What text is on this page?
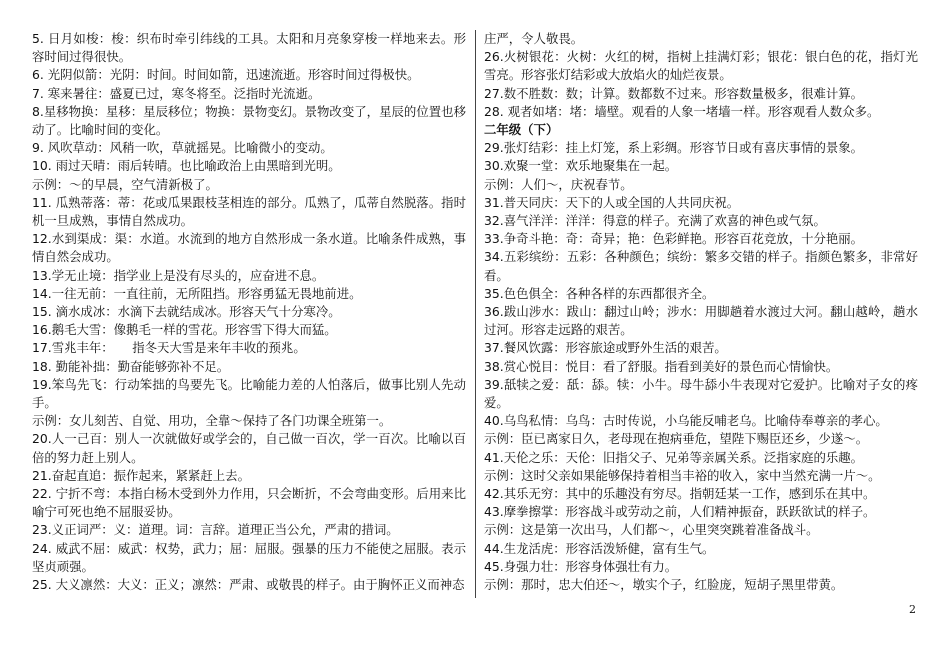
5. 日月如梭：梭：织布时牵引纬线的工具。太阳和月亮象穿梭一样地来去。形容时间过得很快。

6. 光阴似箭：光阴：时间。时间如箭，迅速流逝。形容时间过得极快。

7. 寒来暑往：盛夏已过，寒冬将至。泛指时光流逝。

8.星移物换：星移：星辰移位；物换：景物变幻。景物改变了，星辰的位置也移动了。比喻时间的变化。

9. 风吹草动：风稍一吹，草就摇晃。比喻微小的变动。

10. 雨过天晴：雨后转晴。也比喻政治上由黑暗到光明。

示例：～的早晨，空气清新极了。

11. 瓜熟蒂落：蒂：花或瓜果跟枝茎相连的部分。瓜熟了，瓜蒂自然脱落。指时机一旦成熟，事情自然成功。

12.水到渠成：渠：水道。水流到的地方自然形成一条水道。比喻条件成熟，事情自然会成功。

13.学无止境：指学业上是没有尽头的，应奋进不息。

14.一往无前：一直往前，无所阻挡。形容勇猛无畏地前进。

15. 滴水成冰：水滴下去就结成冰。形容天气十分寒冷。

16.鹅毛大雪：像鹅毛一样的雪花。形容雪下得大而猛。

17.雪兆丰年：　　指冬天大雪是来年丰收的预兆。

18. 勤能补拙：勤奋能够弥补不足。

19.笨鸟先飞：行动笨拙的鸟要先飞。比喻能力差的人怕落后，做事比别人先动手。

示例：女儿刻苦、自觉、用功，全靠～保持了各门功课全班第一。

20.人一己百：别人一次就做好或学会的，自己做一百次，学一百次。比喻以百倍的努力赶上别人。

21.奋起直追：振作起来，紧紧赶上去。

22. 宁折不弯：本指白杨木受到外力作用，只会断折，不会弯曲变形。后用来比喻宁可死也绝不屈服妥协。

23.义正词严：义：道理。词：言辞。道理正当公允，严肃的措词。

24. 威武不屈：威武：权势，武力；屈：屈服。强暴的压力不能使之屈服。表示坚贞顽强。

25. 大义凛然：大义：正义；凛然：严肃、或敬畏的样子。由于胸怀正义而神态

庄严，令人敬畏。

26.火树银花：火树：火红的树，指树上挂满灯彩；银花：银白色的花，指灯光雪亮。形容张灯结彩或大放焰火的灿烂夜景。

27.数不胜数：数；计算。数都数不过来。形容数量极多，很难计算。

28. 观者如堵：堵：墙壁。观看的人象一堵墙一样。形容观看人数众多。

二年级（下）

29.张灯结彩：挂上灯笼，系上彩绸。形容节日或有喜庆事情的景象。

30.欢聚一堂：欢乐地聚集在一起。

示例：人们～，庆祝春节。

31.普天同庆：天下的人或全国的人共同庆祝。

32.喜气洋洋：洋洋：得意的样子。充满了欢喜的神色或气氛。

33.争奇斗艳：奇：奇异；艳：色彩鲜艳。形容百花竞放，十分艳丽。

34.五彩缤纷：五彩：各种颜色；缤纷：繁多交错的样子。指颜色繁多，非常好看。

35.色色俱全：各种各样的东西都很齐全。

36.跋山涉水：跋山：翻过山岭；涉水：用脚趟着水渡过大河。翻山越岭，趟水过河。形容走远路的艰苦。

37.餐风饮露：形容旅途或野外生活的艰苦。

38.赏心悦目：悦目：看了舒服。指看到美好的景色而心情愉快。

39.舐犊之爱：舐：舔。犊：小牛。母牛舔小牛表现对它爱护。比喻对子女的疼爱。

40.乌鸟私情：乌鸟：古时传说，小乌能反哺老乌。比喻侍奉尊亲的孝心。

示例：臣已离家日久，老母现在抱病垂危，望陛下赐臣还乡，少遂～。

41.天伦之乐：天伦：旧指父子、兄弟等亲属关系。泛指家庭的乐趣。

示例：这时父亲如果能够保持着相当丰裕的收入，家中当然充满一片～。

42.其乐无穷：其中的乐趣没有穷尽。指朝廷某一工作，感到乐在其中。

43.摩拳擦掌：形容战斗或劳动之前，人们精神振奋，跃跃欲试的样子。

示例：这是第一次出马，人们都～，心里突突跳着准备战斗。

44.生龙活虎：形容活泼矫健，富有生气。

45.身强力壮：形容身体强壮有力。

示例：那时，忠大伯还～，墩实个子，红脸庞，短胡子黑里带黄。

2
